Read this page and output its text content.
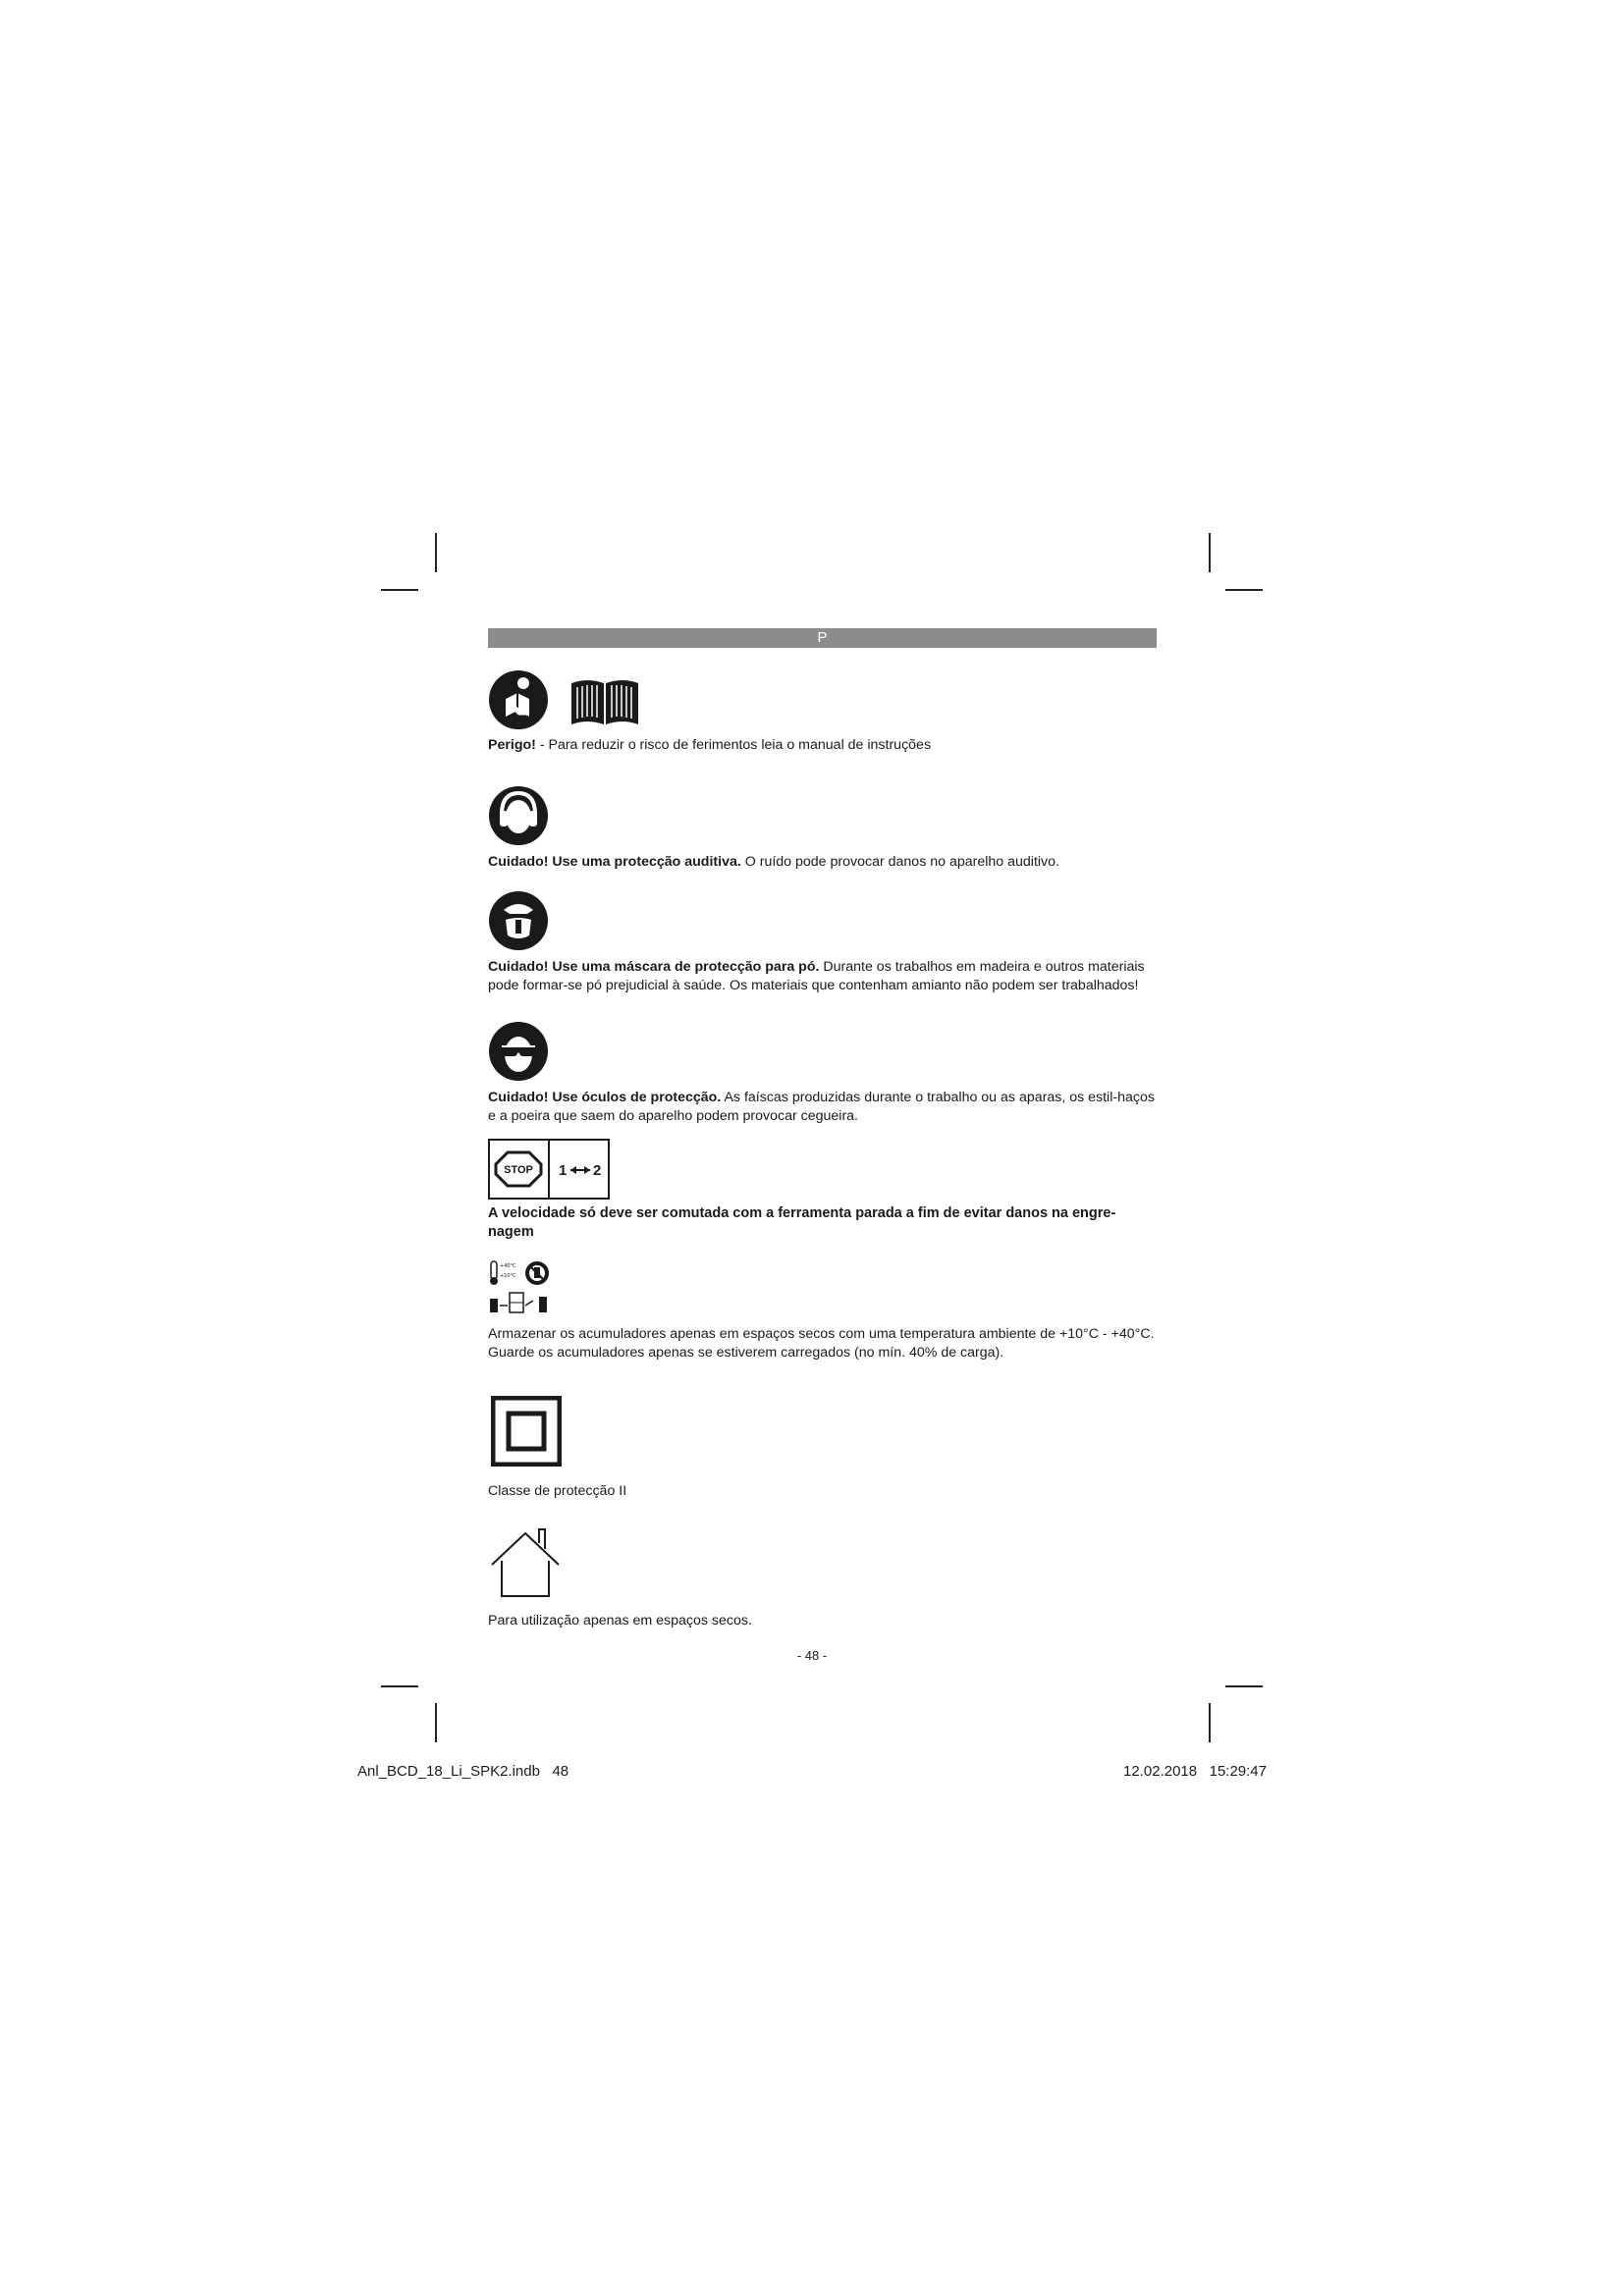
P
Perigo! - Para reduzir o risco de ferimentos leia o manual de instruções
Cuidado! Use uma protecção auditiva. O ruído pode provocar danos no aparelho auditivo.
Cuidado! Use uma máscara de protecção para pó. Durante os trabalhos em madeira e outros materiais pode formar-se pó prejudicial à saúde. Os materiais que contenham amianto não podem ser trabalhados!
Cuidado! Use óculos de protecção. As faíscas produzidas durante o trabalho ou as aparas, os estil-haços e a poeira que saem do aparelho podem provocar cegueira.
STOP 1 2
A velocidade só deve ser comutada com a ferramenta parada a fim de evitar danos na engre-nagem
+40°C
+10°C
Armazenar os acumuladores apenas em espaços secos com uma temperatura ambiente de +10°C - +40°C. Guarde os acumuladores apenas se estiverem carregados (no mín. 40% de carga).
Classe de protecção II
Para utilização apenas em espaços secos.
- 48 -
Anl_BCD_18_Li_SPK2.indb   48	12.02.2018   15:29:47
